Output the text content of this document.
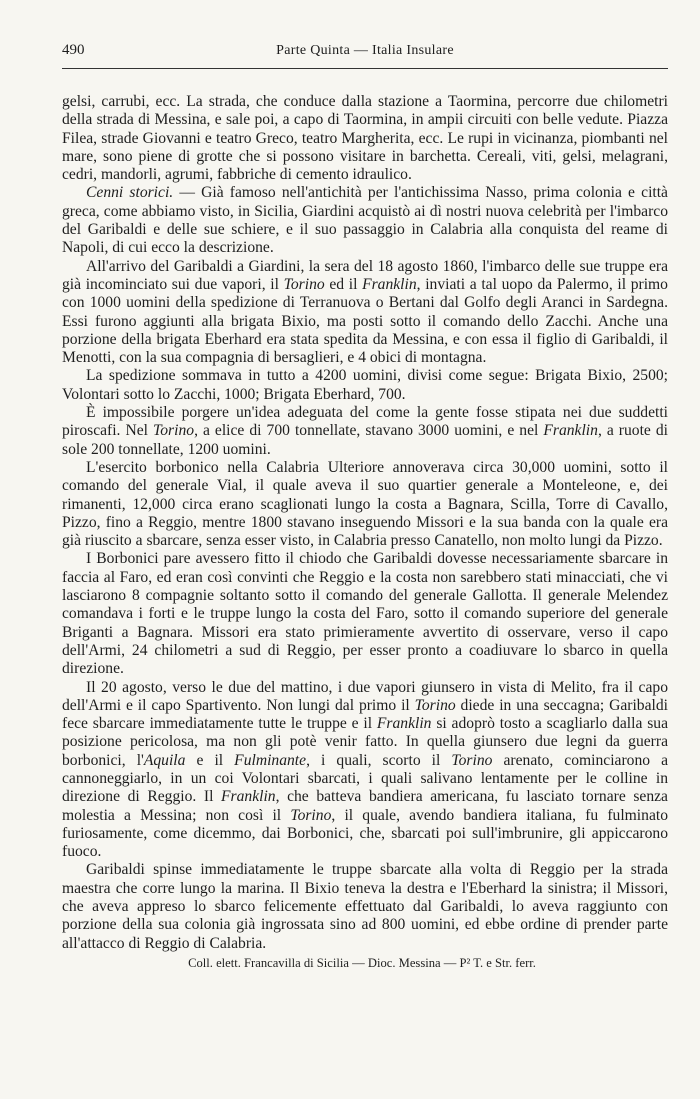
490	Parte Quinta — Italia Insulare

gelsi, carrubi, ecc. La strada, che conduce dalla stazione a Taormina, percorre due chilometri della strada di Messina, e sale poi, a capo di Taormina, in ampii circuiti con belle vedute. Piazza Filea, strade Giovanni e teatro Greco, teatro Margherita, ecc. Le rupi in vicinanza, piombanti nel mare, sono piene di grotte che si possono visitare in barchetta. Cereali, viti, gelsi, melagrani, cedri, mandorli, agrumi, fabbriche di cemento idraulico.

Cenni storici. — Già famoso nell'antichità per l'antichissima Nasso, prima colonia e città greca, come abbiamo visto, in Sicilia, Giardini acquistò ai dì nostri nuova celebrità per l'imbarco del Garibaldi e delle sue schiere, e il suo passaggio in Calabria alla conquista del reame di Napoli, di cui ecco la descrizione.

All'arrivo del Garibaldi a Giardini, la sera del 18 agosto 1860, l'imbarco delle sue truppe era già incominciato sui due vapori, il Torino ed il Franklin, inviati a tal uopo da Palermo, il primo con 1000 uomini della spedizione di Terranuova o Bertani dal Golfo degli Aranci in Sardegna. Essi furono aggiunti alla brigata Bixio, ma posti sotto il comando dello Zacchi. Anche una porzione della brigata Eberhard era stata spedita da Messina, e con essa il figlio di Garibaldi, il Menotti, con la sua compagnia di bersaglieri, e 4 obici di montagna.

La spedizione sommava in tutto a 4200 uomini, divisi come segue: Brigata Bixio, 2500; Volontari sotto lo Zacchi, 1000; Brigata Eberhard, 700.

È impossibile porgere un'idea adeguata del come la gente fosse stipata nei due suddetti piroscafi. Nel Torino, a elice di 700 tonnellate, stavano 3000 uomini, e nel Franklin, a ruote di sole 200 tonnellate, 1200 uomini.

L'esercito borbonico nella Calabria Ulteriore annoverava circa 30,000 uomini, sotto il comando del generale Vial, il quale aveva il suo quartier generale a Monteleone, e, dei rimanenti, 12,000 circa erano scaglionati lungo la costa a Bagnara, Scilla, Torre di Cavallo, Pizzo, fino a Reggio, mentre 1800 stavano inseguendo Missori e la sua banda con la quale era già riuscito a sbarcare, senza esser visto, in Calabria presso Canatello, non molto lungi da Pizzo.

I Borbonici pare avessero fitto il chiodo che Garibaldi dovesse necessariamente sbarcare in faccia al Faro, ed eran così convinti che Reggio e la costa non sarebbero stati minacciati, che vi lasciarono 8 compagnie soltanto sotto il comando del generale Gallotta. Il generale Melendez comandava i forti e le truppe lungo la costa del Faro, sotto il comando superiore del generale Briganti a Bagnara. Missori era stato primieramente avvertito di osservare, verso il capo dell'Armi, 24 chilometri a sud di Reggio, per esser pronto a coadiuvare lo sbarco in quella direzione.

Il 20 agosto, verso le due del mattino, i due vapori giunsero in vista di Melito, fra il capo dell'Armi e il capo Spartivento. Non lungi dal primo il Torino diede in una seccagna; Garibaldi fece sbarcare immediatamente tutte le truppe e il Franklin si adoprò tosto a scagliarlo dalla sua posizione pericolosa, ma non gli potè venir fatto. In quella giunsero due legni da guerra borbonici, l'Aquila e il Fulminante, i quali, scorto il Torino arenato, cominciarono a cannoneggiarlo, in un coi Volontari sbarcati, i quali salivano lentamente per le colline in direzione di Reggio. Il Franklin, che batteva bandiera americana, fu lasciato tornare senza molestia a Messina; non così il Torino, il quale, avendo bandiera italiana, fu fulminato furiosamente, come dicemmo, dai Borbonici, che, sbarcati poi sull'imbrunire, gli appiccarono fuoco.

Garibaldi spinse immediatamente le truppe sbarcate alla volta di Reggio per la strada maestra che corre lungo la marina. Il Bixio teneva la destra e l'Eberhard la sinistra; il Missori, che aveva appreso lo sbarco felicemente effettuato dal Garibaldi, lo aveva raggiunto con porzione della sua colonia già ingrossata sino ad 800 uomini, ed ebbe ordine di prender parte all'attacco di Reggio di Calabria.

Coll. elett. Francavilla di Sicilia — Dioc. Messina — P² T. e Str. ferr.
